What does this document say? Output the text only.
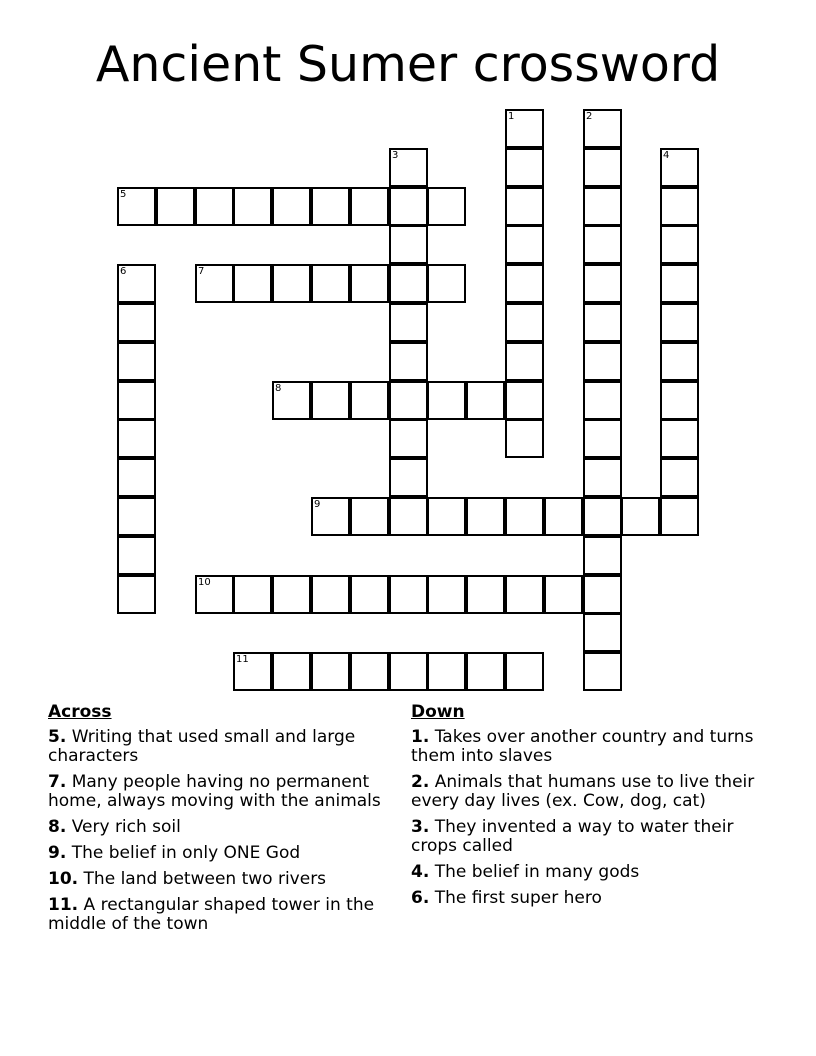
Ancient Sumer crossword
1	2
3	4
5
6	7
8
9
10
11
Across
5. Writing that used small and large characters
7. Many people having no permanent home, always moving with the animals
8. Very rich soil
9. The belief in only ONE God
10. The land between two rivers
11. A rectangular shaped tower in the middle of the town
Down
1. Takes over another country and turns them into slaves
2. Animals that humans use to live their every day lives (ex. Cow, dog, cat)
3. They invented a way to water their crops called
4. The belief in many gods
6. The first super hero
